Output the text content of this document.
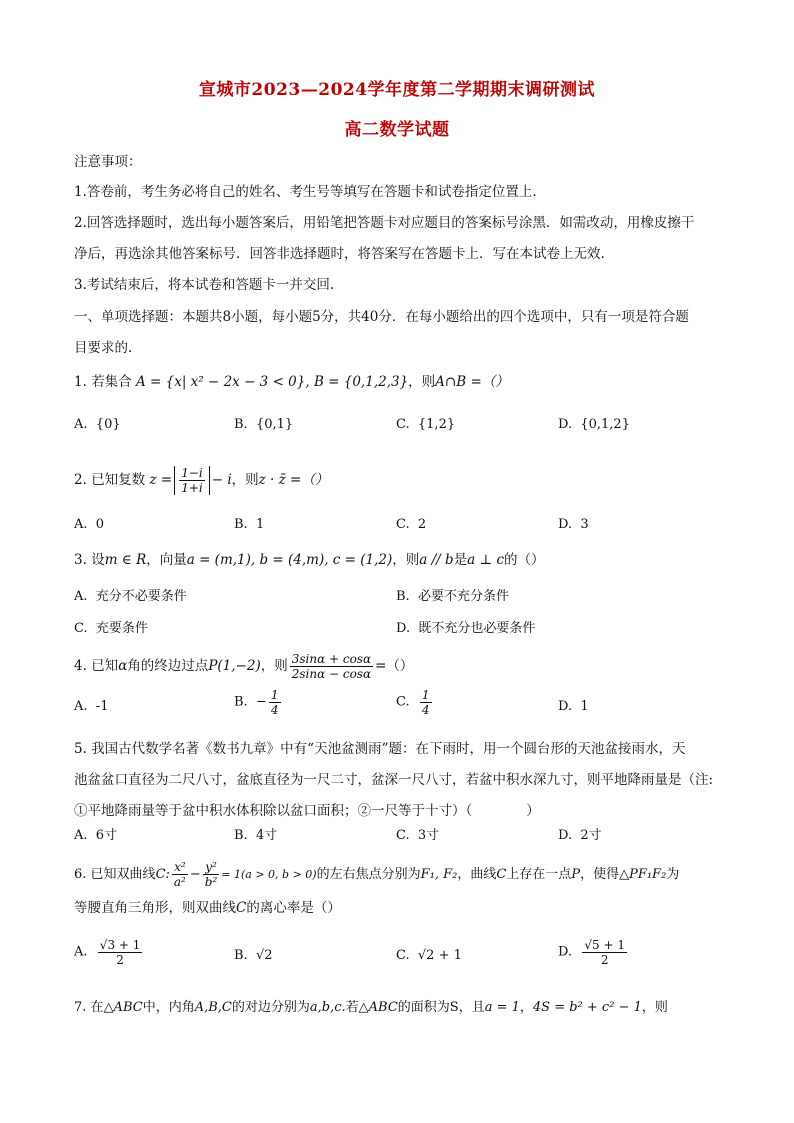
宣城市2023—2024学年度第二学期期末调研测试
高二数学试题
注意事项：
1.答卷前，考生务必将自己的姓名、考生号等填写在答题卡和试卷指定位置上.
2.回答选择题时，选出每小题答案后，用铅笔把答题卡对应题目的答案标号涂黑．如需改动，用橡皮擦干
净后，再选涂其他答案标号．回答非选择题时，将答案写在答题卡上．写在本试卷上无效.
3.考试结束后，将本试卷和答题卡一并交回.
一、单项选择题：本题共8小题，每小题5分，共40分．在每小题给出的四个选项中，只有一项是符合题
目要求的.
1. 若集合 A = {x| x² − 2x − 3 < 0}, B = {0,1,2,3}，则A∩B =（）
A. {0}	B. {0,1}	C. {1,2}	D. {0,1,2}
2. 已知复数 $z = \frac{1-i}{1+i} - i$，则z · z̄ =（）
A. 0	B. 1	C. 2	D. 3
3. 设m ∈ R，向量a = (m,1), b = (4,m), c = (1,2)，则a // b是a ⊥ c的（）
A. 充分不必要条件	B. 必要不充分条件
C. 充要条件	D. 既不充分也必要条件
4. 已知α角的终边过点P(1,−2)，则 $\frac{3\sin\alpha + \cos\alpha}{2\sin\alpha - \cos\alpha}$ =（）
A. -1	B. − $\frac{1}{4}$	C. $\frac{1}{4}$	D. 1
5. 我国古代数学名著《数书九章》中有“天池盆测雨”题：在下雨时，用一个圆台形的天池盆接雨水，天
池盆盆口直径为二尺八寸，盆底直径为一尺二寸，盆深一尺八寸，若盆中积水深九寸，则平地降雨量是（注:
①平地降雨量等于盆中积水体积除以盆口面积；②一尺等于十寸）（　　　　）
A. 6寸	B. 4寸	C. 3寸	D. 2寸
6. 已知双曲线C: $\frac{\text{x²}}{\text{a²}} - \frac{\text{y²}}{\text{b²}} = 1(a > 0$, b > 0)的左右焦点分别为F₁, F₂，曲线C上存在一点P，使得△PF₁F₂为
等腰直角三角形，则双曲线C的离心率是（）
A. $\frac{√3 + 1}{2}$	B. √2	C. √2 + 1	D. $\frac{√5 + 1}{2}$
7. 在△ABC中，内角A,B,C的对边分别为a,b,c.若△ABC的面积为S，且a = 1，4S = b² + c² − 1，则
